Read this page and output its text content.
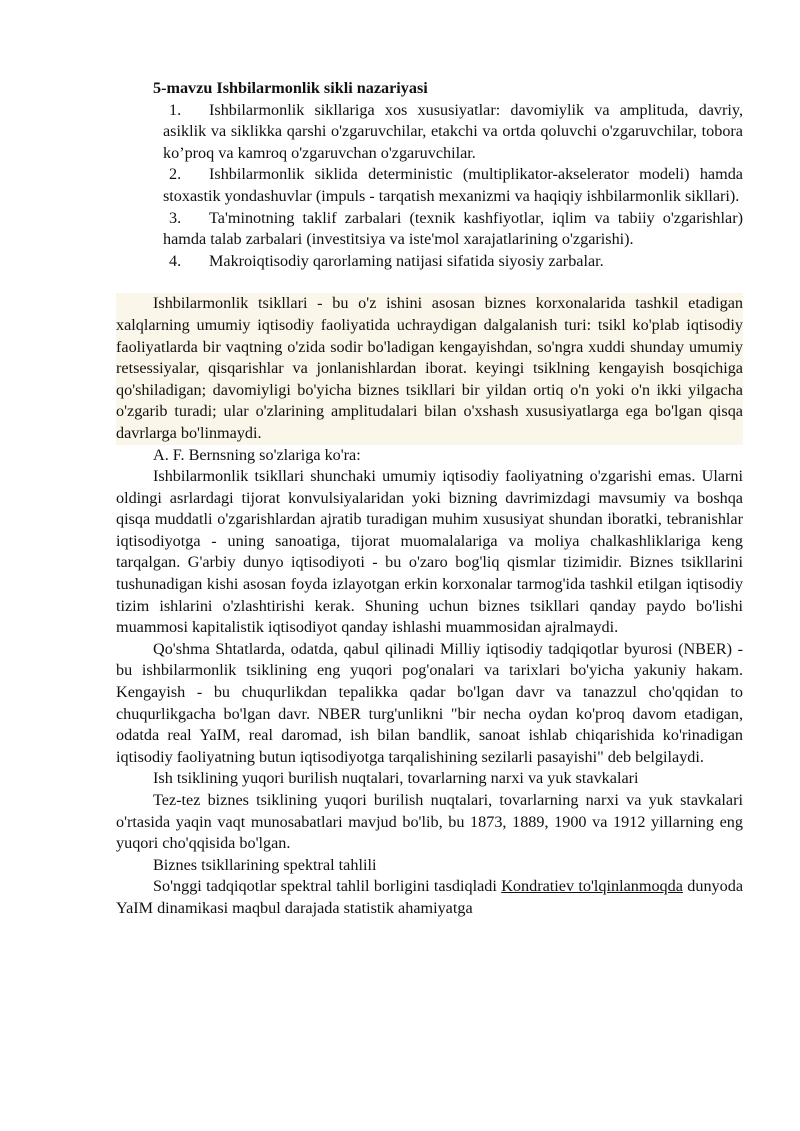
5-mavzu Ishbilarmonlik sikli nazariyasi
1. Ishbilarmonlik sikllariga xos xususiyatlar: davomiylik va amplituda, davriy, asiklik va siklikka qarshi o'zgaruvchilar, etakchi va ortda qoluvchi o'zgaruvchilar, tobora ko’proq va kamroq o'zgaruvchan o'zgaruvchilar.
2. Ishbilarmonlik siklida deterministic (multiplikator-akselerator modeli) hamda stoxastik yondashuvlar (impuls - tarqatish mexanizmi va haqiqiy ishbilarmonlik sikllari).
3. Ta'minotning taklif zarbalari (texnik kashfiyotlar, iqlim va tabiiy o'zgarishlar) hamda talab zarbalari (investitsiya va iste'mol xarajatlarining o'zgarishi).
4. Makroiqtisodiy qarorlaming natijasi sifatida siyosiy zarbalar.

Ishbilarmonlik tsikllari - bu o'z ishini asosan biznes korxonalarida tashkil etadigan xalqlarning umumiy iqtisodiy faoliyatida uchraydigan dalgalanish turi: tsikl ko'plab iqtisodiy faoliyatlarda bir vaqtning o'zida sodir bo'ladigan kengayishdan, so'ngra xuddi shunday umumiy retsessiyalar, qisqarishlar va jonlanishlardan iborat. keyingi tsiklning kengayish bosqichiga qo'shiladigan; davomiyligi bo'yicha biznes tsikllari bir yildan ortiq o'n yoki o'n ikki yilgacha o'zgarib turadi; ular o'zlarining amplitudalari bilan o'xshash xususiyatlarga ega bo'lgan qisqa davrlarga bo'linmaydi.

A. F. Bernsning so'zlariga ko'ra:

Ishbilarmonlik tsikllari shunchaki umumiy iqtisodiy faoliyatning o'zgarishi emas. Ularni oldingi asrlardagi tijorat konvulsiyalaridan yoki bizning davrimizdagi mavsumiy va boshqa qisqa muddatli o'zgarishlardan ajratib turadigan muhim xususiyat shundan iboratki, tebranishlar iqtisodiyotga - uning sanoatiga, tijorat muomalalariga va moliya chalkashliklariga keng tarqalgan. G'arbiy dunyo iqtisodiyoti - bu o'zaro bog'liq qismlar tizimidir. Biznes tsikllarini tushunadigan kishi asosan foyda izlayotgan erkin korxonalar tarmog'ida tashkil etilgan iqtisodiy tizim ishlarini o'zlashtirishi kerak. Shuning uchun biznes tsikllari qanday paydo bo'lishi muammosi kapitalistik iqtisodiyot qanday ishlashi muammosidan ajralmaydi.

Qo'shma Shtatlarda, odatda, qabul qilinadi Milliy iqtisodiy tadqiqotlar byurosi (NBER) - bu ishbilarmonlik tsiklining eng yuqori pog'onalari va tarixlari bo'yicha yakuniy hakam. Kengayish - bu chuqurlikdan tepalikka qadar bo'lgan davr va tanazzul cho'qqidan to chuqurlikgacha bo'lgan davr. NBER turg'unlikni "bir necha oydan ko'proq davom etadigan, odatda real YaIM, real daromad, ish bilan bandlik, sanoat ishlab chiqarishida ko'rinadigan iqtisodiy faoliyatning butun iqtisodiyotga tarqalishining sezilarli pasayishi" deb belgilaydi.

Ish tsiklining yuqori burilish nuqtalari, tovarlarning narxi va yuk stavkalari

Tez-tez biznes tsiklining yuqori burilish nuqtalari, tovarlarning narxi va yuk stavkalari o'rtasida yaqin vaqt munosabatlari mavjud bo'lib, bu 1873, 1889, 1900 va 1912 yillarning eng yuqori cho'qqisida bo'lgan.

Biznes tsikllarining spektral tahlili

So'nggi tadqiqotlar spektral tahlil borligini tasdiqladi Kondratiev to'lqinlanmoqda dunyoda YaIM dinamikasi maqbul darajada statistik ahamiyatga
